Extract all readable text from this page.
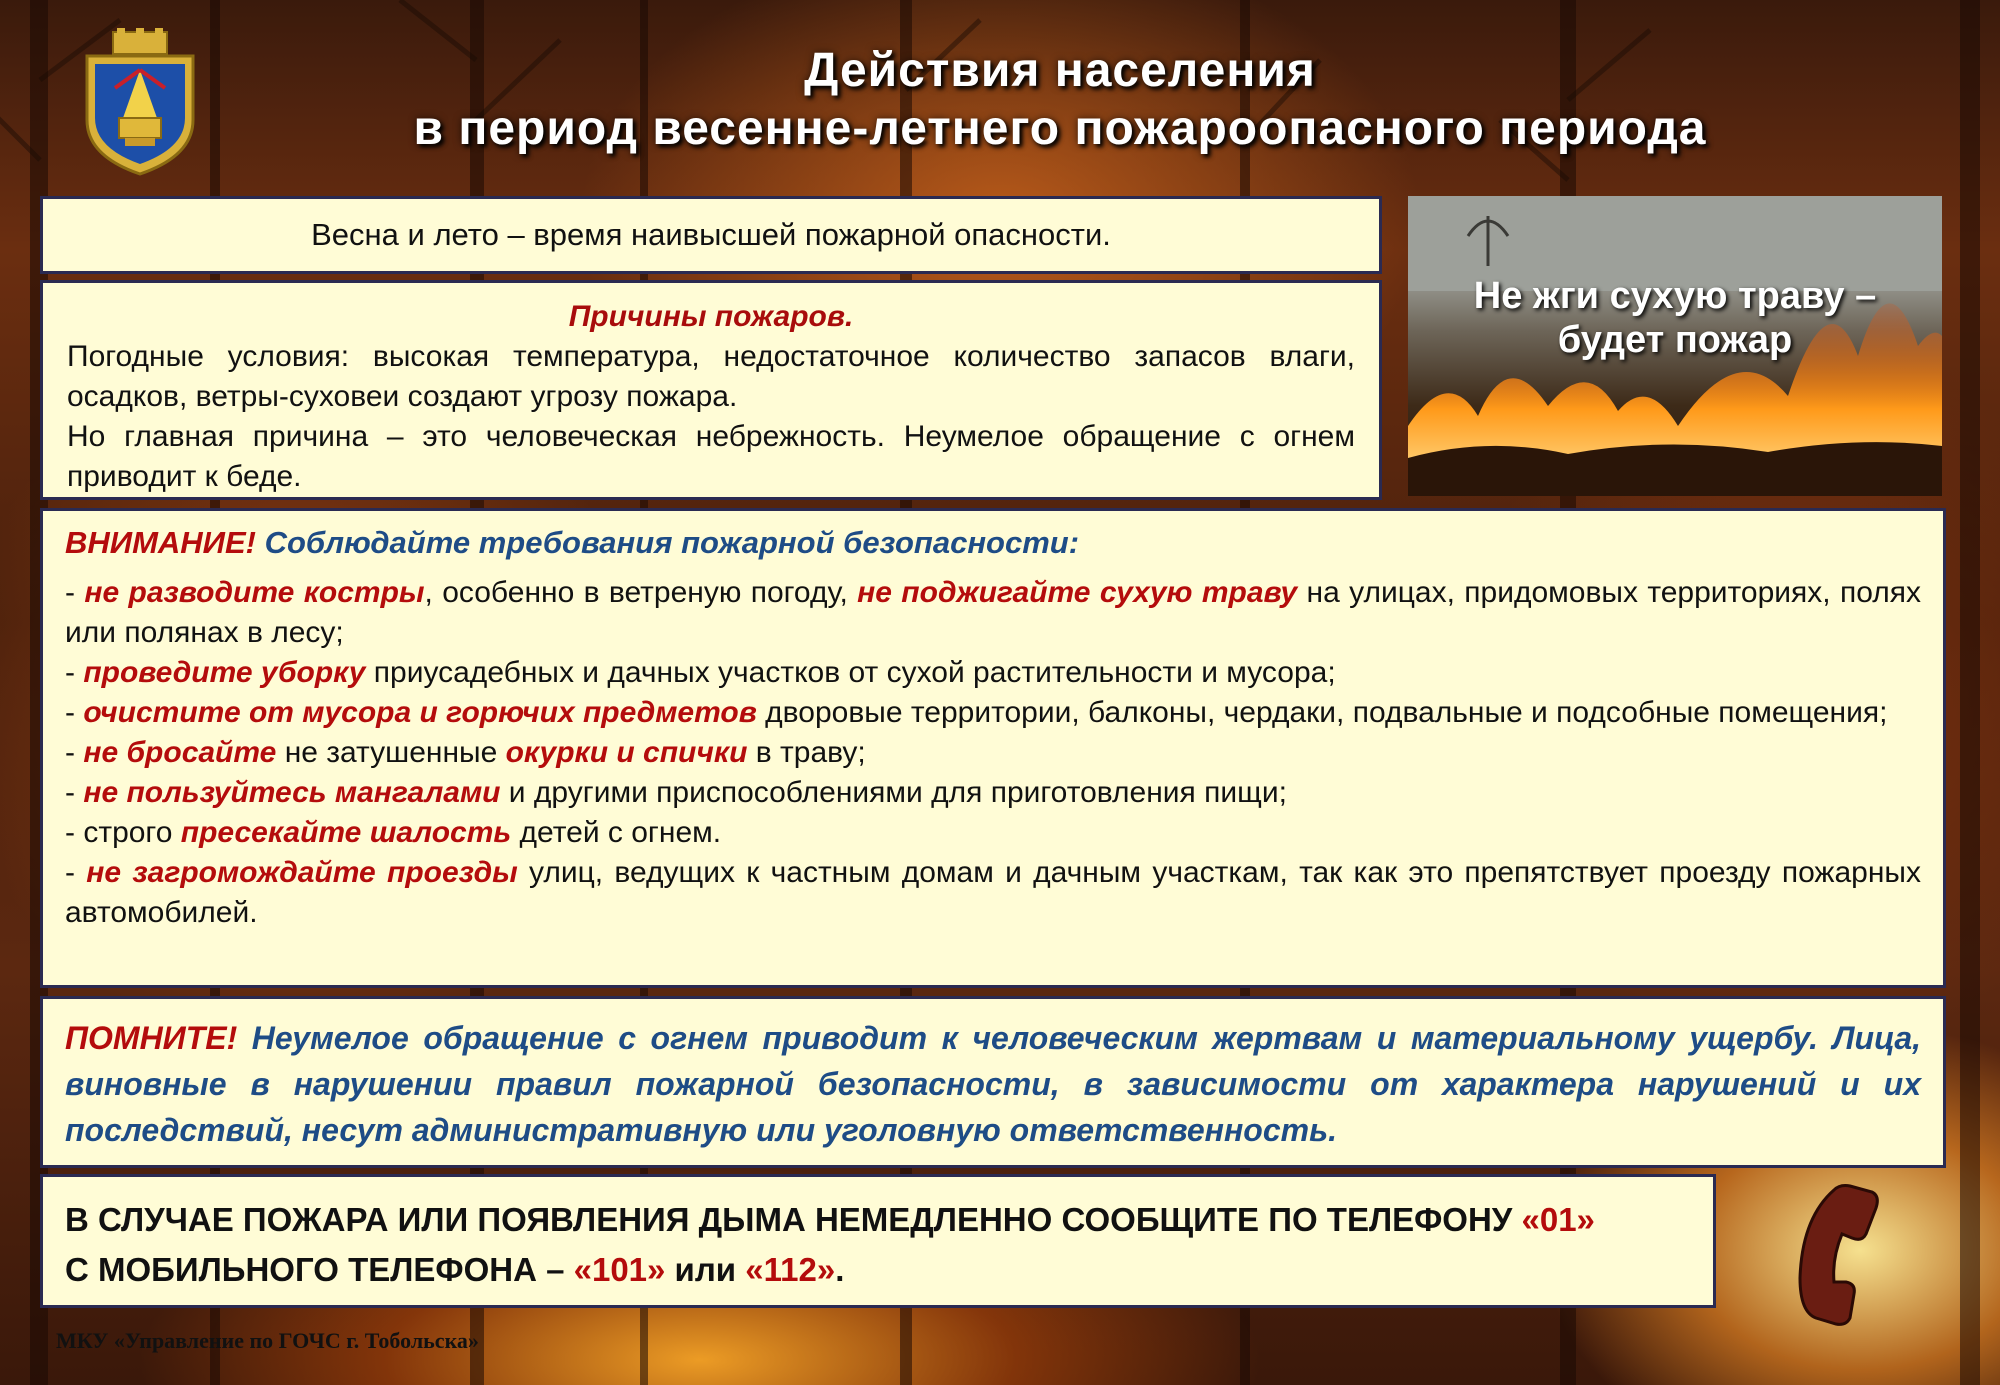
Действия населения
в период весенне-летнего пожароопасного периода
Весна и лето – время наивысшей пожарной опасности.
Причины пожаров.

Погодные условия: высокая температура, недостаточное количество запасов влаги, осадков, ветры-суховеи создают угрозу пожара.

Но главная причина – это человеческая небрежность. Неумелое обращение с огнем приводит к беде.

Не жги сухую траву –
будет пожар
ВНИМАНИЕ! Соблюдайте требования пожарной безопасности:

- не разводите костры, особенно в ветреную погоду, не поджигайте сухую траву на улицах, придомовых территориях, полях или полянах в лесу;

- проведите уборку приусадебных и дачных участков от сухой растительности и мусора;

- очистите от мусора и горючих предметов дворовые территории, балконы, чердаки, подвальные и подсобные помещения;

- не бросайте не затушенные окурки и спички в траву;

- не пользуйтесь мангалами и другими приспособлениями для приготовления пищи;

- строго пресекайте шалость детей с огнем.

- не загромождайте проезды улиц, ведущих к частным домам и дачным участкам, так как это препятствует проезду пожарных автомобилей.

ПОМНИТЕ! Неумелое обращение с огнем приводит к человеческим жертвам и материальному ущербу. Лица, виновные в нарушении правил пожарной безопасности, в зависимости от характера нарушений и их последствий, несут административную или уголовную ответственность.
В СЛУЧАЕ ПОЖАРА ИЛИ ПОЯВЛЕНИЯ ДЫМА НЕМЕДЛЕННО СООБЩИТЕ ПО ТЕЛЕФОНУ «01»
С МОБИЛЬНОГО ТЕЛЕФОНА – «101» или «112».
МКУ «Управление по ГОЧС г. Тобольска»
